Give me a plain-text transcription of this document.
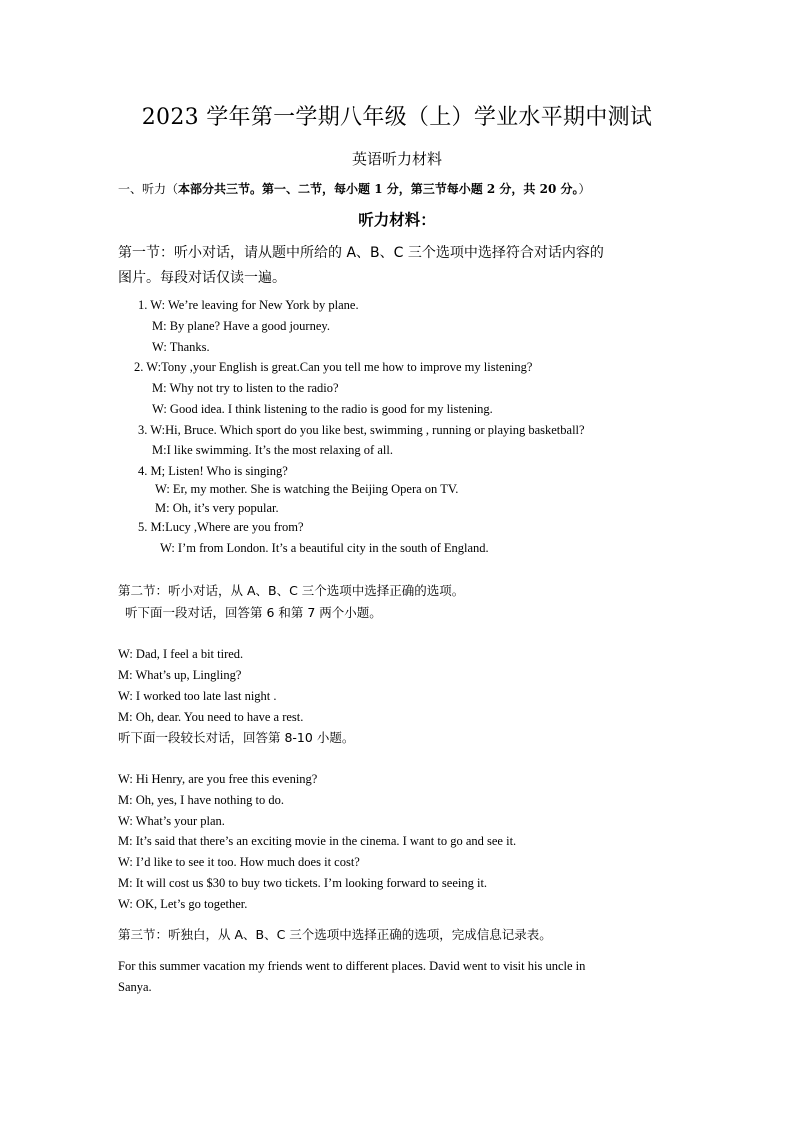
2023 学年第一学期八年级（上）学业水平期中测试
英语听力材料
一、听力（本部分共三节。第一、二节，每小题 1 分，第三节每小题 2 分，共 20 分。）
听力材料：
第一节：听小对话，请从题中所给的 A、B、C 三个选项中选择符合对话内容的
图片。每段对话仅读一遍。
1. W: We’re leaving for New York by plane.
M: By plane? Have a good journey.
W: Thanks.
2. W:Tony ,your English is great.Can you tell me how to improve my listening?
M: Why not try to listen to the radio?
W: Good idea. I think listening to the radio is good for my listening.
3. W:Hi, Bruce. Which sport do you like best, swimming , running or playing basketball?
M:I like swimming. It’s the most relaxing of all.
4. M; Listen! Who is singing?
W: Er, my mother. She is watching the Beijing Opera on TV.
M: Oh, it’s very popular.
5. M:Lucy ,Where are you from?
W: I’m from London. It’s a beautiful city in the south of England.
第二节：听小对话，从 A、B、C 三个选项中选择正确的选项。
听下面一段对话，回答第 6 和第 7 两个小题。
W: Dad, I feel a bit tired.
M: What’s up, Lingling?
W: I worked too late last night .
M: Oh, dear. You need to have a rest.
听下面一段较长对话，回答第 8-10 小题。
W: Hi Henry, are you free this evening?
M: Oh, yes, I have nothing to do.
W: What’s your plan.
M: It’s said that there’s an exciting movie in the cinema. I want to go and see it.
W: I’d like to see it too. How much does it cost?
M: It will cost us $30 to buy two tickets. I’m looking forward to seeing it.
W: OK, Let’s go together.
第三节：听独白，从 A、B、C 三个选项中选择正确的选项，完成信息记录表。
For this summer vacation my friends went to different places. David went to visit his uncle in
Sanya.
